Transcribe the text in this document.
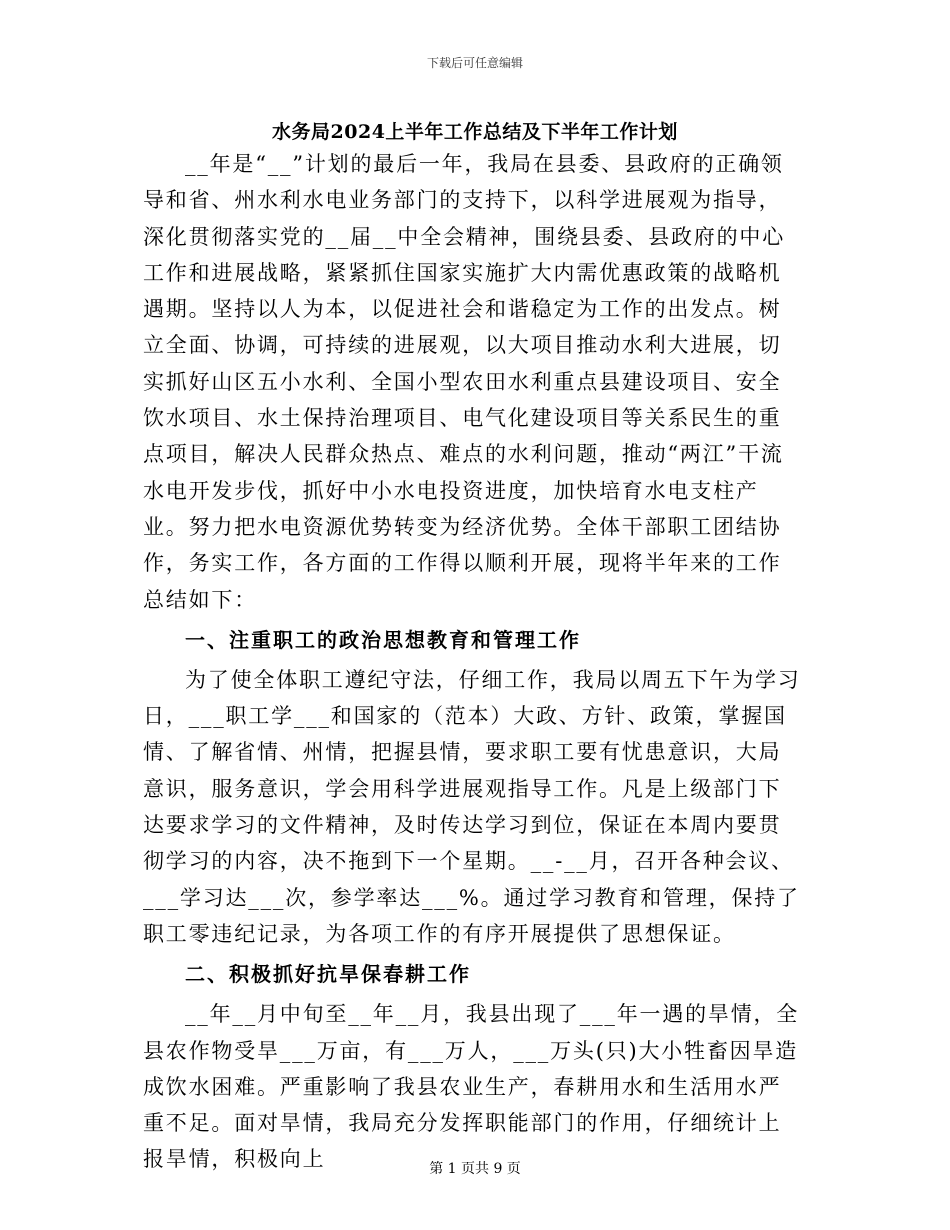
下载后可任意编辑
水务局2024上半年工作总结及下半年工作计划

__年是“__”计划的最后一年，我局在县委、县政府的正确领导和省、州水利水电业务部门的支持下，以科学进展观为指导，深化贯彻落实党的__届__中全会精神，围绕县委、县政府的中心工作和进展战略，紧紧抓住国家实施扩大内需优惠政策的战略机遇期。坚持以人为本，以促进社会和谐稳定为工作的出发点。树立全面、协调，可持续的进展观，以大项目推动水利大进展，切实抓好山区五小水利、全国小型农田水利重点县建设项目、安全饮水项目、水土保持治理项目、电气化建设项目等关系民生的重点项目，解决人民群众热点、难点的水利问题，推动“两江”干流水电开发步伐，抓好中小水电投资进度，加快培育水电支柱产业。努力把水电资源优势转变为经济优势。全体干部职工团结协作，务实工作，各方面的工作得以顺利开展，现将半年来的工作总结如下：

一、注重职工的政治思想教育和管理工作

为了使全体职工遵纪守法，仔细工作，我局以周五下午为学习日，___职工学___和国家的（范本）大政、方针、政策，掌握国情、了解省情、州情，把握县情，要求职工要有忧患意识，大局意识，服务意识，学会用科学进展观指导工作。凡是上级部门下达要求学习的文件精神，及时传达学习到位，保证在本周内要贯彻学习的内容，决不拖到下一个星期。__-__月，召开各种会议、___学习达___次，参学率达___%。通过学习教育和管理，保持了职工零违纪记录，为各项工作的有序开展提供了思想保证。

二、积极抓好抗旱保春耕工作

__年__月中旬至__年__月，我县出现了___年一遇的旱情，全县农作物受旱___万亩，有___万人，___万头(只)大小牲畜因旱造成饮水困难。严重影响了我县农业生产，春耕用水和生活用水严重不足。面对旱情，我局充分发挥职能部门的作用，仔细统计上报旱情，积极向上	第 1 页共 9 页
